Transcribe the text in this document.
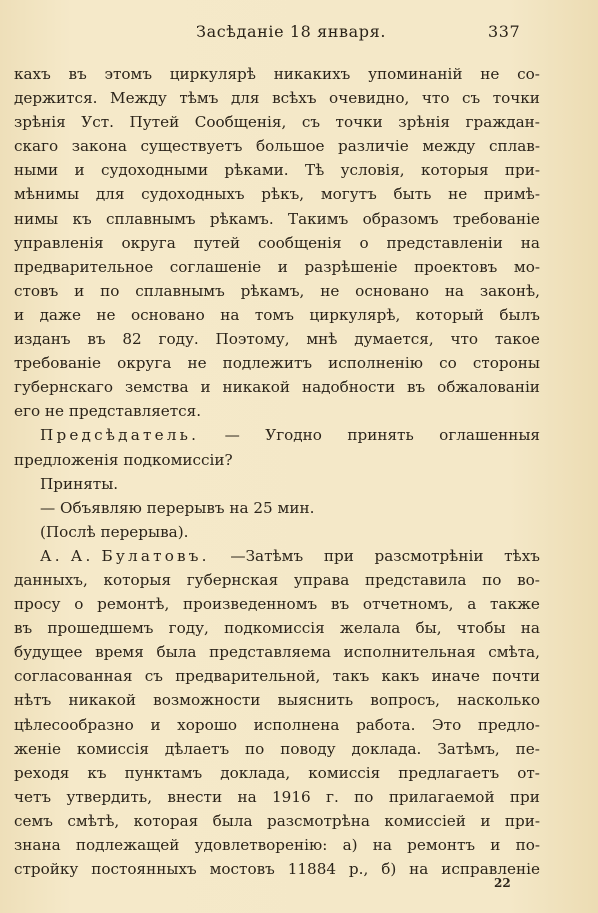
Засѣданіе 18 января.	337
кахъ въ этомъ циркулярѣ никакихъ упоминаній не со-
держится. Между тѣмъ для всѣхъ очевидно, что съ точки
зрѣнія Уст. Путей Сообщенія, съ точки зрѣнія граждан-
скаго закона существуетъ большое различіе между сплав-
ными и судоходными рѣками. Тѣ условія, которыя при-
мѣнимы для судоходныхъ рѣкъ, могутъ быть не примѣ-
нимы къ сплавнымъ рѣкамъ. Такимъ образомъ требованіе
управленія округа путей сообщенія о представленіи на
предварительное соглашеніе и разрѣшеніе проектовъ мо-
стовъ и по сплавнымъ рѣкамъ, не основано на законѣ,
и даже не основано на томъ циркулярѣ, который былъ
изданъ въ 82 году. Поэтому, мнѣ думается, что такое
требованіе округа не подлежитъ исполненію со стороны
губернскаго земства и никакой надобности въ обжалованіи
его не представляется.
Предсѣдатель. — Угодно принять оглашенныя
предложенія подкомиссіи?
Приняты.
— Объявляю перерывъ на 25 мин.
(Послѣ перерыва).
А. А. Булатовъ. —Затѣмъ при разсмотрѣніи тѣхъ
данныхъ, которыя губернская управа представила по во-
просу о ремонтѣ, произведенномъ въ отчетномъ, а также
въ прошедшемъ году, подкомиссія желала бы, чтобы на
будущее время была представляема исполнительная смѣта,
согласованная съ предварительной, такъ какъ иначе почти
нѣтъ никакой возможности выяснить вопросъ, насколько
цѣлесообразно и хорошо исполнена работа. Это предло-
женіе комиссія дѣлаетъ по поводу доклада. Затѣмъ, пе-
реходя къ пунктамъ доклада, комиссія предлагаетъ от-
четъ утвердить, внести на 1916 г. по прилагаемой при
семъ смѣтѣ, которая была разсмотрѣна комиссіей и при-
знана подлежащей удовлетворенію: а) на ремонтъ и по-
стройку постоянныхъ мостовъ 11884 р., б) на исправленіе
22
